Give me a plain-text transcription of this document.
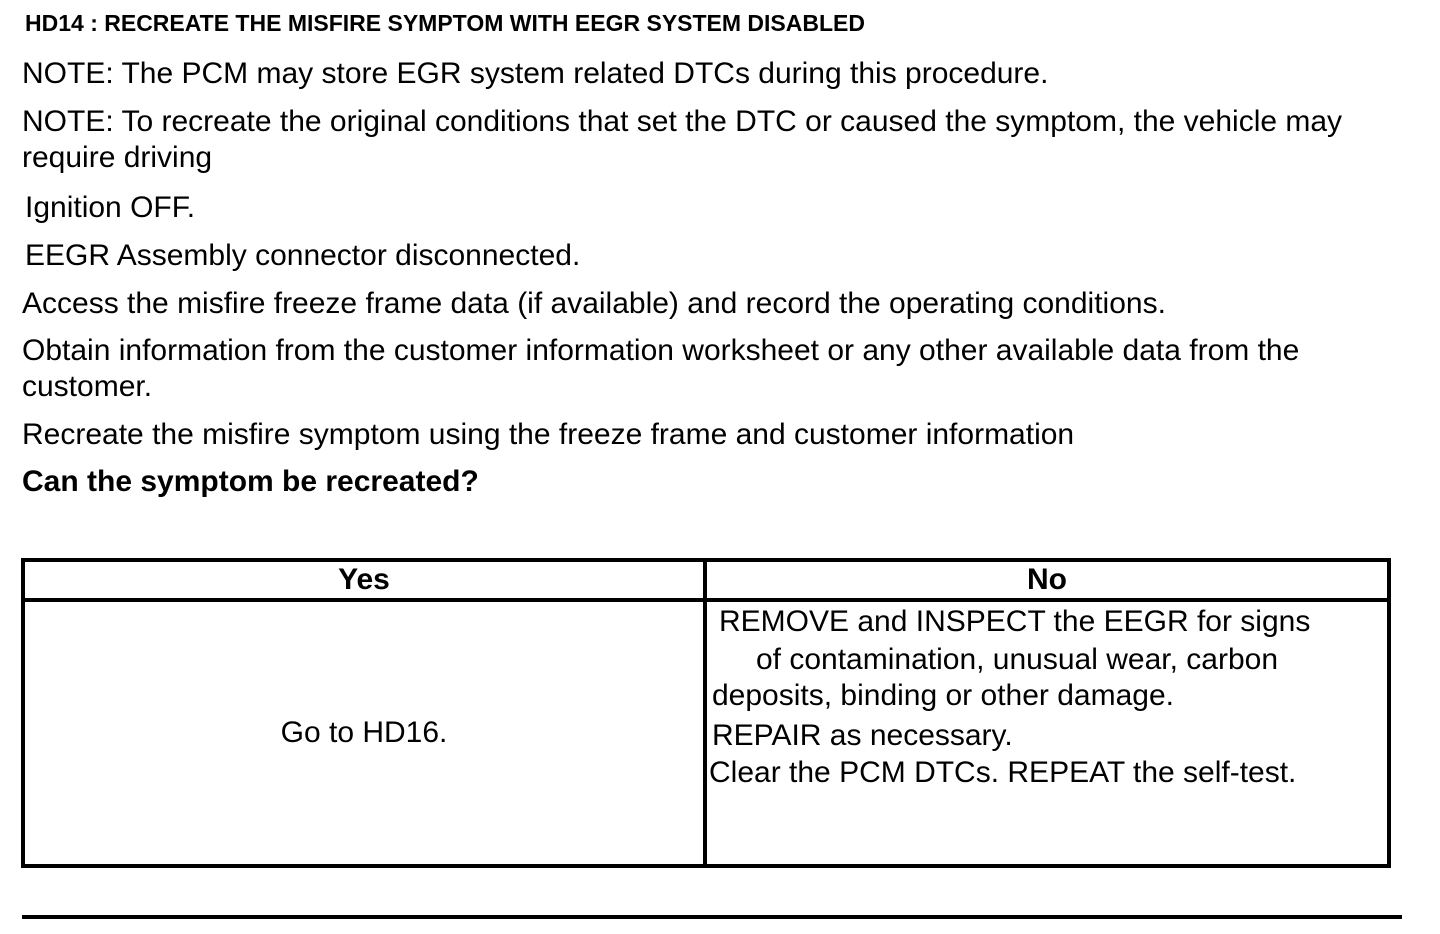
HD14 : RECREATE THE MISFIRE SYMPTOM WITH EEGR SYSTEM DISABLED
NOTE: The PCM may store EGR system related DTCs during this procedure.
NOTE: To recreate the original conditions that set the DTC or caused the symptom, the vehicle may require driving
Ignition OFF.
EEGR Assembly connector disconnected.
Access the misfire freeze frame data (if available) and record the operating conditions.
Obtain information from the customer information worksheet or any other available data from the customer.
Recreate the misfire symptom using the freeze frame and customer information
Can the symptom be recreated?
Yes	No
Go to HD16.	REMOVE and INSPECT the EEGR for signs
of contamination, unusual wear, carbon
deposits, binding or other damage.
REPAIR as necessary.
Clear the PCM DTCs. REPEAT the self-test.
